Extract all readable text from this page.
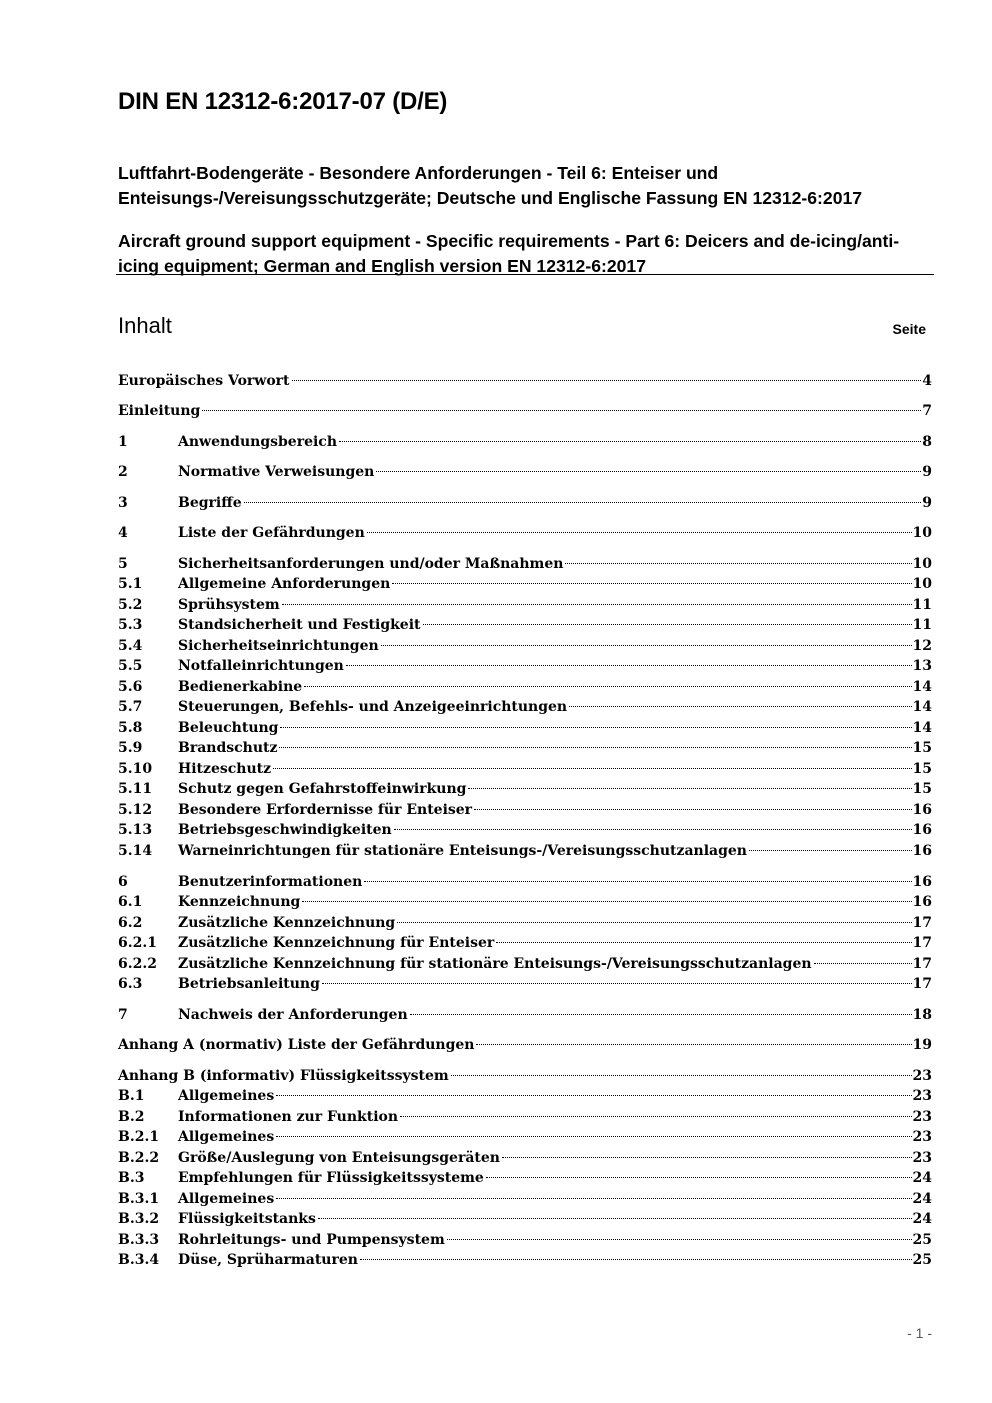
DIN EN 12312-6:2017-07 (D/E)
Luftfahrt-Bodengeräte - Besondere Anforderungen - Teil 6: Enteiser und Enteisungs-/Vereisungsschutzgeräte; Deutsche und Englische Fassung EN 12312-6:2017
Aircraft ground support equipment - Specific requirements - Part 6: Deicers and de-icing/anti-icing equipment; German and English version EN 12312-6:2017
Inhalt	Seite
Europäisches Vorwort	4
Einleitung	7
1	Anwendungsbereich	8
2	Normative Verweisungen	9
3	Begriffe	9
4	Liste der Gefährdungen	10
5	Sicherheitsanforderungen und/oder Maßnahmen	10
5.1	Allgemeine Anforderungen	10
5.2	Sprühsystem	11
5.3	Standsicherheit und Festigkeit	11
5.4	Sicherheitseinrichtungen	12
5.5	Notfalleinrichtungen	13
5.6	Bedienerkabine	14
5.7	Steuerungen, Befehls- und Anzeigeeinrichtungen	14
5.8	Beleuchtung	14
5.9	Brandschutz	15
5.10	Hitzeschutz	15
5.11	Schutz gegen Gefahrstoffeinwirkung	15
5.12	Besondere Erfordernisse für Enteiser	16
5.13	Betriebsgeschwindigkeiten	16
5.14	Warneinrichtungen für stationäre Enteisungs-/Vereisungsschutzanlagen	16
6	Benutzerinformationen	16
6.1	Kennzeichnung	16
6.2	Zusätzliche Kennzeichnung	17
6.2.1	Zusätzliche Kennzeichnung für Enteiser	17
6.2.2	Zusätzliche Kennzeichnung für stationäre Enteisungs-/Vereisungsschutzanlagen	17
6.3	Betriebsanleitung	17
7	Nachweis der Anforderungen	18
Anhang A (normativ) Liste der Gefährdungen	19
Anhang B (informativ) Flüssigkeitssystem	23
B.1	Allgemeines	23
B.2	Informationen zur Funktion	23
B.2.1	Allgemeines	23
B.2.2	Größe/Auslegung von Enteisungsgeräten	23
B.3	Empfehlungen für Flüssigkeitssysteme	24
B.3.1	Allgemeines	24
B.3.2	Flüssigkeitstanks	24
B.3.3	Rohrleitungs- und Pumpensystem	25
B.3.4	Düse, Sprüharmaturen	25
- 1 -
